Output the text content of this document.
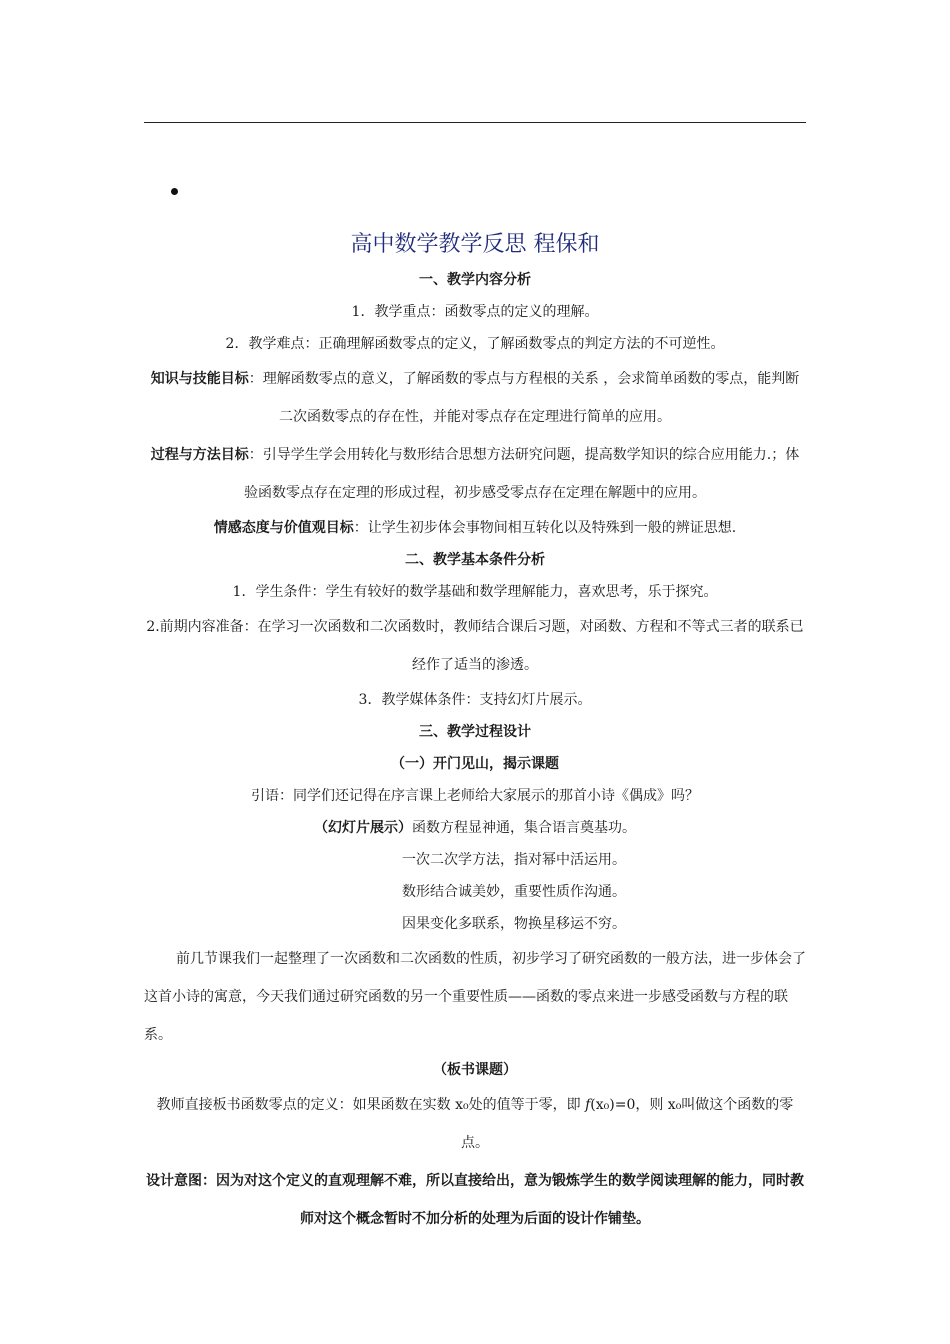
高中数学教学反思 程保和

一、教学内容分析

1．教学重点：函数零点的定义的理解。

2．教学难点：正确理解函数零点的定义，了解函数零点的判定方法的不可逆性。

知识与技能目标：理解函数零点的意义，了解函数的零点与方程根的关系 ，会求简单函数的零点，能判断二次函数零点的存在性，并能对零点存在定理进行简单的应用。

过程与方法目标：引导学生学会用转化与数形结合思想方法研究问题，提高数学知识的综合应用能力.；体验函数零点存在定理的形成过程，初步感受零点存在定理在解题中的应用。

情感态度与价值观目标：让学生初步体会事物间相互转化以及特殊到一般的辨证思想.

二、教学基本条件分析

1．学生条件：学生有较好的数学基础和数学理解能力，喜欢思考，乐于探究。

2.前期内容准备：在学习一次函数和二次函数时，教师结合课后习题，对函数、方程和不等式三者的联系已经作了适当的渗透。

3．教学媒体条件：支持幻灯片展示。

三、教学过程设计

（一）开门见山，揭示课题

引语：同学们还记得在序言课上老师给大家展示的那首小诗《偶成》吗？

（幻灯片展示）函数方程显神通，集合语言奠基功。

一次二次学方法，指对幂中活运用。

数形结合诚美妙，重要性质作沟通。

因果变化多联系，物换星移运不穷。

前几节课我们一起整理了一次函数和二次函数的性质，初步学习了研究函数的一般方法，进一步体会了这首小诗的寓意，今天我们通过研究函数的另一个重要性质——函数的零点来进一步感受函数与方程的联系。

（板书课题）

教师直接板书函数零点的定义：如果函数在实数 x₀处的值等于零，即 f(x₀)=0，则 x₀叫做这个函数的零点。

设计意图：因为对这个定义的直观理解不难，所以直接给出，意为锻炼学生的数学阅读理解的能力，同时教师对这个概念暂时不加分析的处理为后面的设计作铺垫。
